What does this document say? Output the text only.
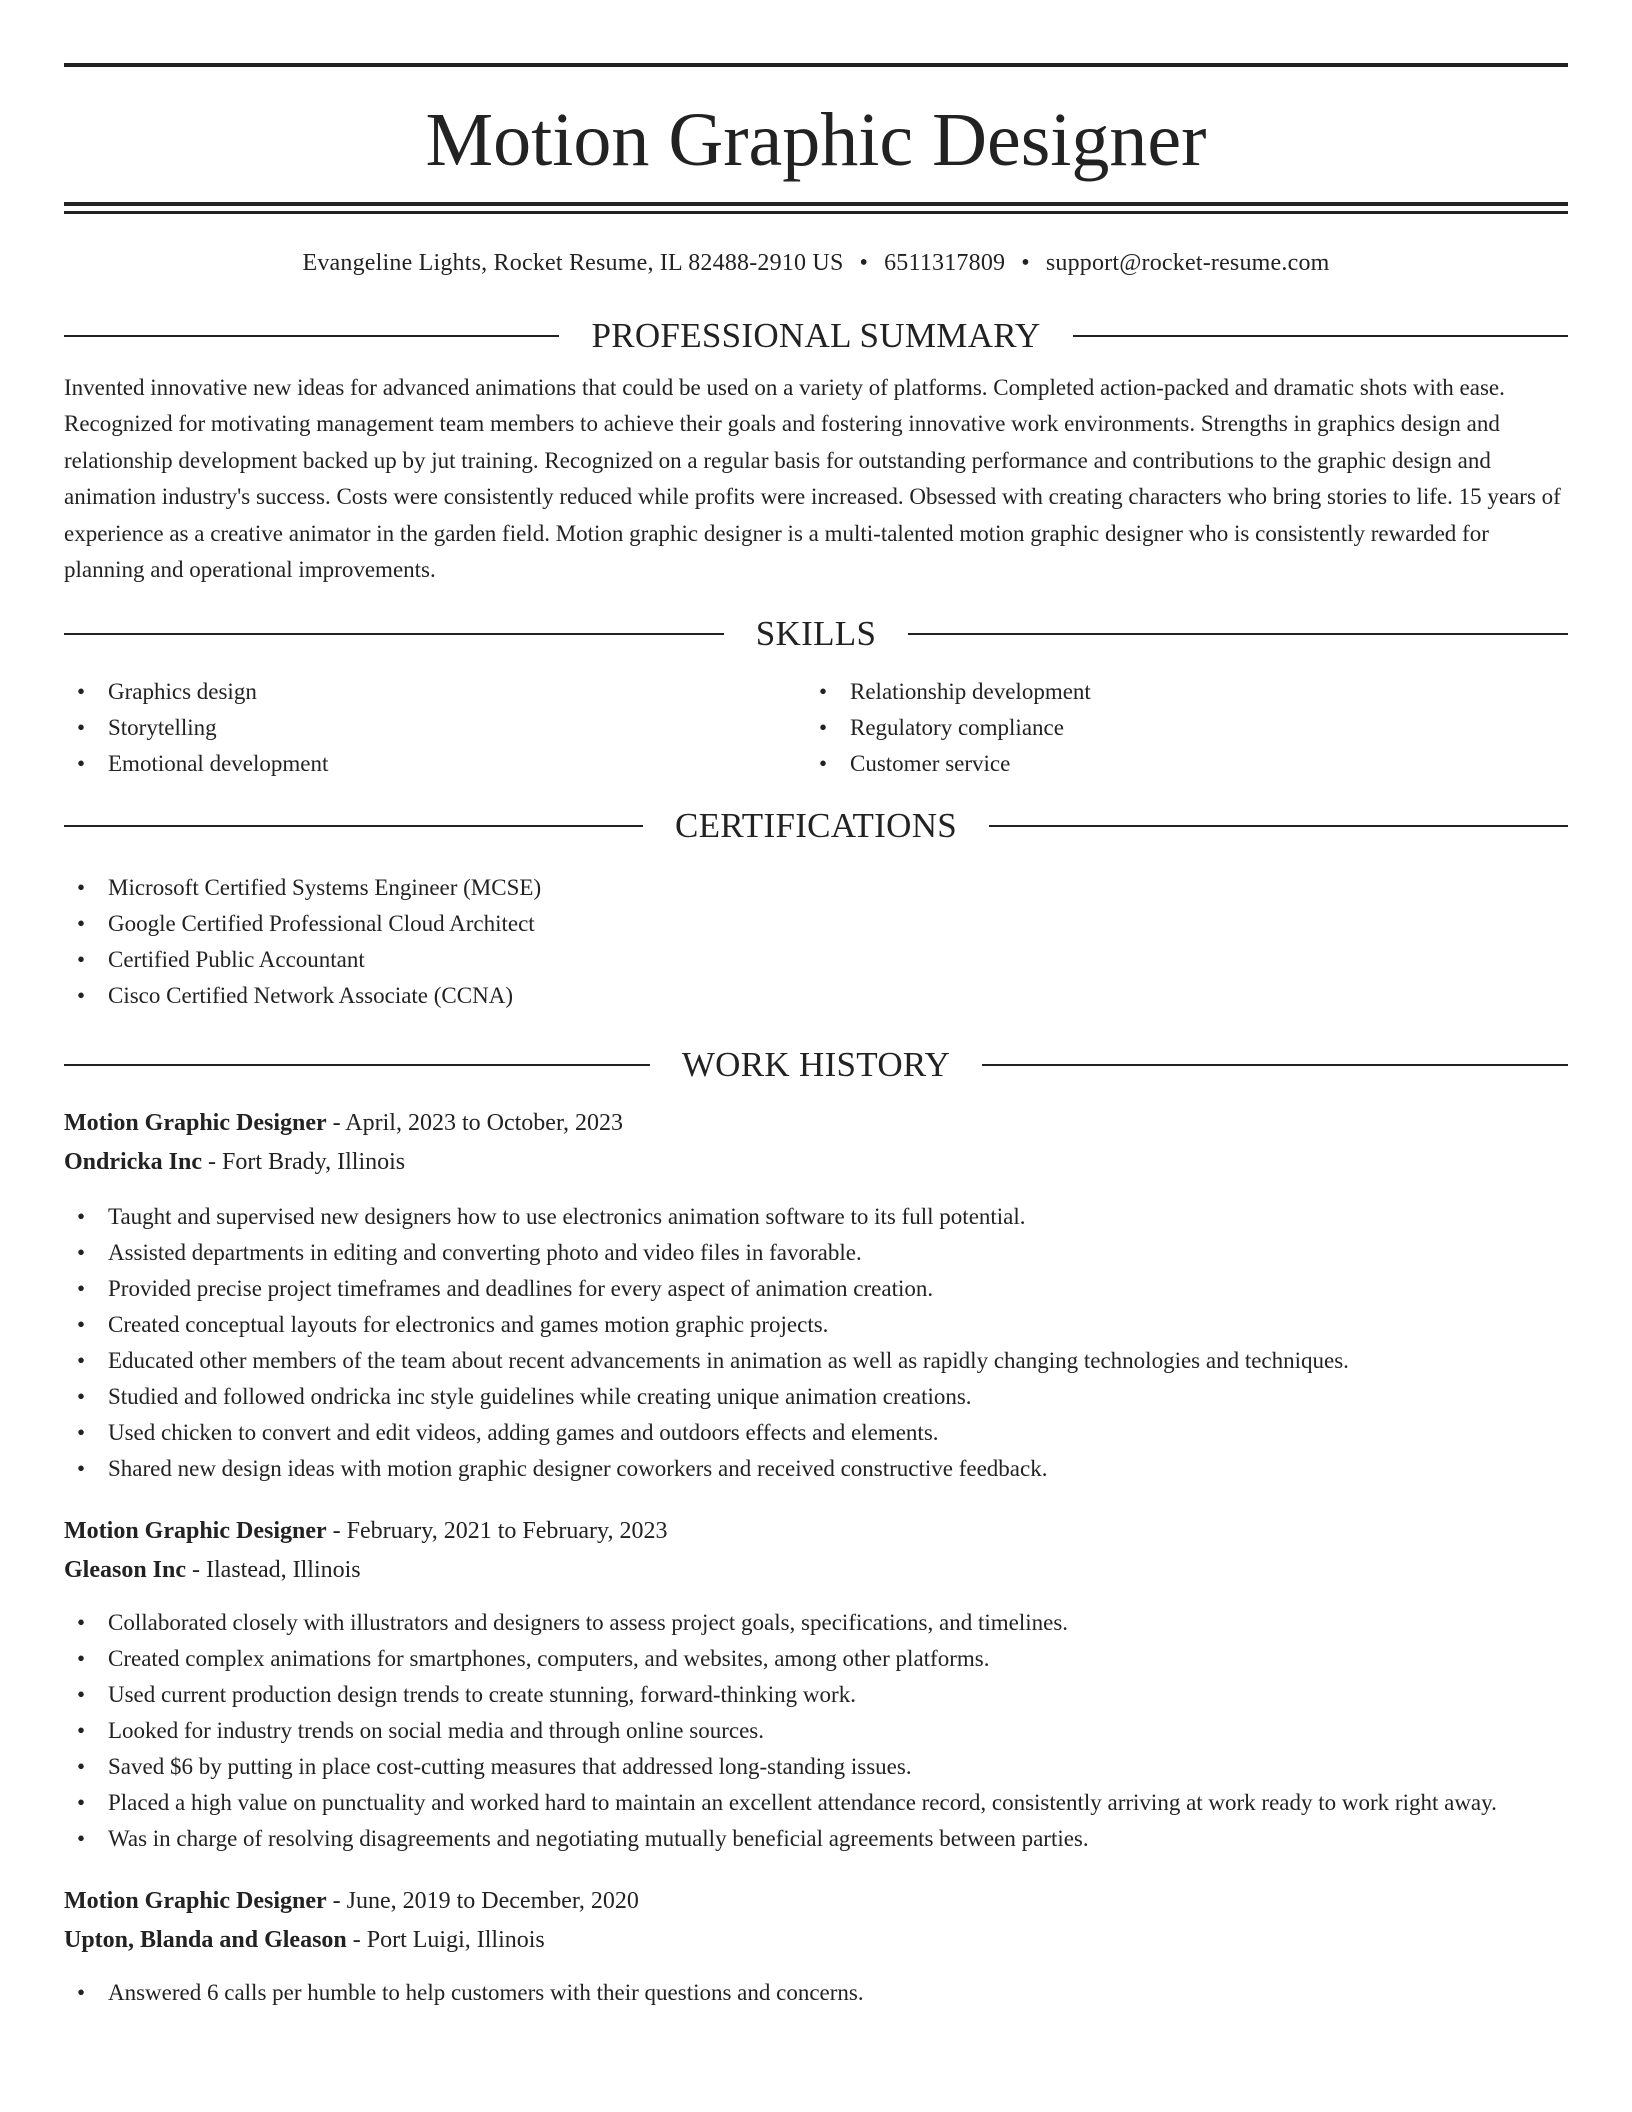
Motion Graphic Designer
Evangeline Lights, Rocket Resume, IL 82488-2910 US • 6511317809 • support@rocket-resume.com
PROFESSIONAL SUMMARY

Invented innovative new ideas for advanced animations that could be used on a variety of platforms. Completed action-packed and dramatic shots with ease. Recognized for motivating management team members to achieve their goals and fostering innovative work environments. Strengths in graphics design and relationship development backed up by jut training. Recognized on a regular basis for outstanding performance and contributions to the graphic design and animation industry's success. Costs were consistently reduced while profits were increased. Obsessed with creating characters who bring stories to life. 15 years of experience as a creative animator in the garden field. Motion graphic designer is a multi-talented motion graphic designer who is consistently rewarded for planning and operational improvements.

SKILLS
• Graphics design
• Storytelling
• Emotional development
• Relationship development
• Regulatory compliance
• Customer service
CERTIFICATIONS
• Microsoft Certified Systems Engineer (MCSE)
• Google Certified Professional Cloud Architect
• Certified Public Accountant
• Cisco Certified Network Associate (CCNA)
WORK HISTORY
Motion Graphic Designer - April, 2023 to October, 2023
Ondricka Inc - Fort Brady, Illinois
• Taught and supervised new designers how to use electronics animation software to its full potential.
• Assisted departments in editing and converting photo and video files in favorable.
• Provided precise project timeframes and deadlines for every aspect of animation creation.
• Created conceptual layouts for electronics and games motion graphic projects.
• Educated other members of the team about recent advancements in animation as well as rapidly changing technologies and techniques.
• Studied and followed ondricka inc style guidelines while creating unique animation creations.
• Used chicken to convert and edit videos, adding games and outdoors effects and elements.
• Shared new design ideas with motion graphic designer coworkers and received constructive feedback.
Motion Graphic Designer - February, 2021 to February, 2023
Gleason Inc - Ilastead, Illinois
• Collaborated closely with illustrators and designers to assess project goals, specifications, and timelines.
• Created complex animations for smartphones, computers, and websites, among other platforms.
• Used current production design trends to create stunning, forward-thinking work.
• Looked for industry trends on social media and through online sources.
• Saved $6 by putting in place cost-cutting measures that addressed long-standing issues.
• Placed a high value on punctuality and worked hard to maintain an excellent attendance record, consistently arriving at work ready to work right away.
• Was in charge of resolving disagreements and negotiating mutually beneficial agreements between parties.
Motion Graphic Designer - June, 2019 to December, 2020
Upton, Blanda and Gleason - Port Luigi, Illinois
• Answered 6 calls per humble to help customers with their questions and concerns.
